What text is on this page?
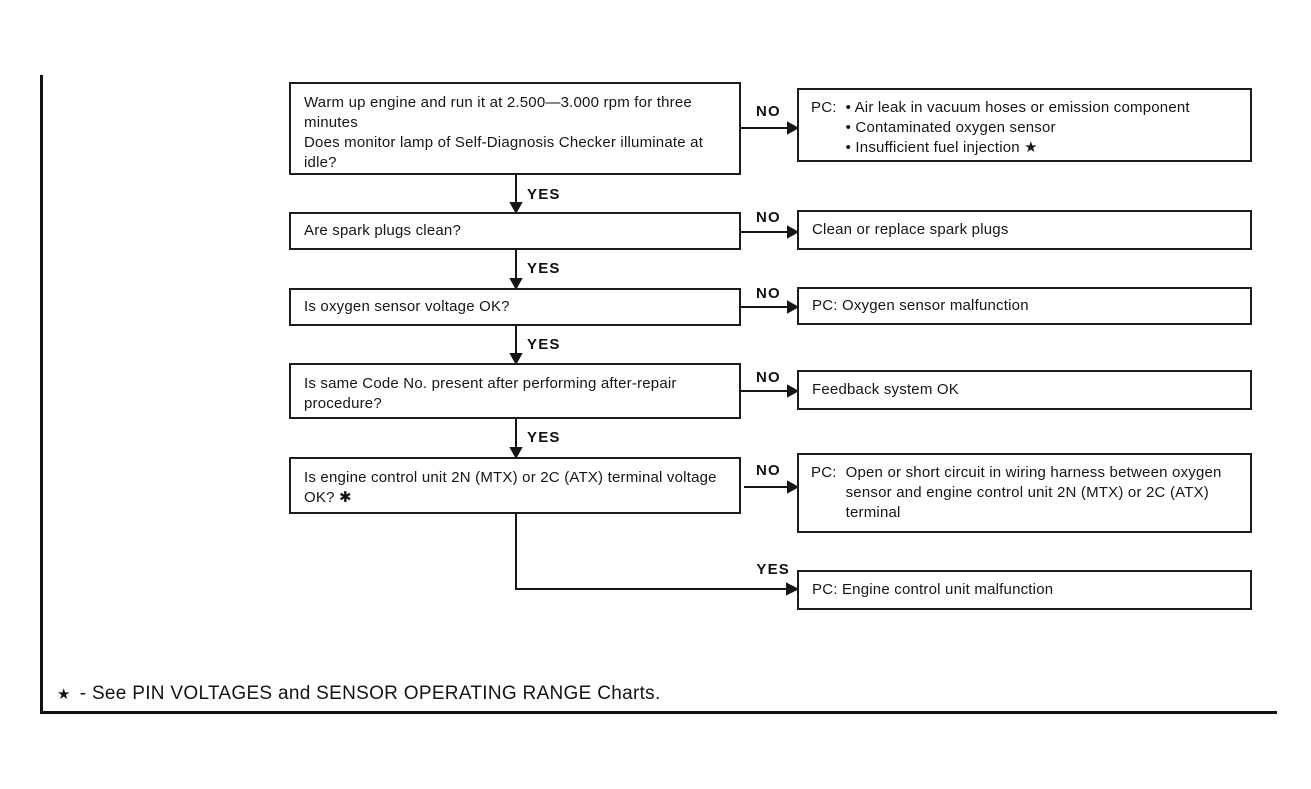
Warm up engine and run it at 2.500—3.000 rpm for three minutes
Does monitor lamp of Self-Diagnosis Checker illuminate at idle?
Are spark plugs clean?
Is oxygen sensor voltage OK?
Is same Code No. present after performing after-repair procedure?
Is engine control unit 2N (MTX) or 2C (ATX) terminal voltage OK? ✱
PC: • Air leak in vacuum hoses or emission component
• Contaminated oxygen sensor
• Insufficient fuel injection ★
Clean or replace spark plugs
PC: Oxygen sensor malfunction
Feedback system OK
PC: Open or short circuit in wiring harness between oxygen sensor and engine control unit 2N (MTX) or 2C (ATX) terminal
PC: Engine control unit malfunction
YES
YES
YES
YES
YES
NO
NO
NO
NO
NO
★ - See PIN VOLTAGES and SENSOR OPERATING RANGE Charts.
